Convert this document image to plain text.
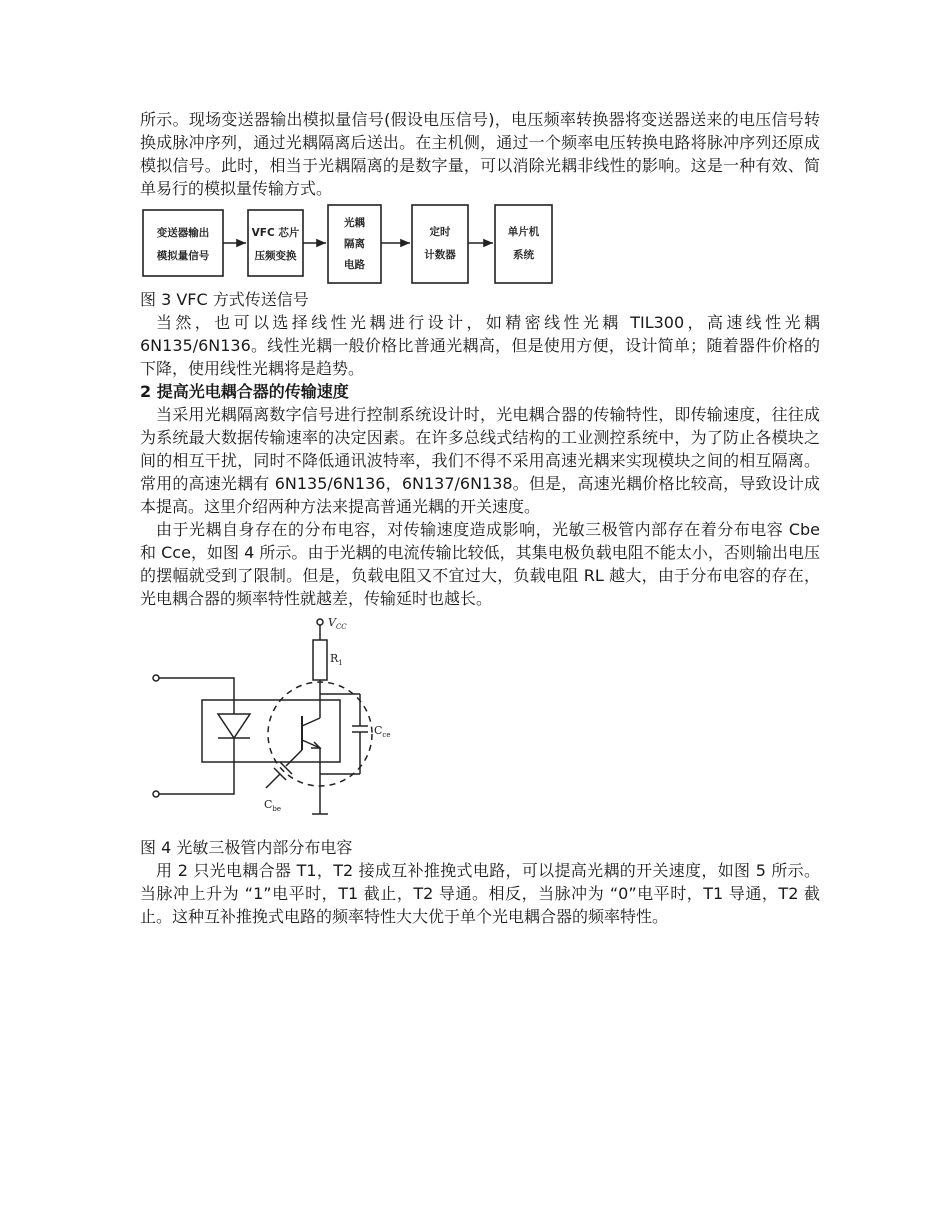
所示。现场变送器输出模拟量信号(假设电压信号)，电压频率转换器将变送器送来的电压信号转换成脉冲序列，通过光耦隔离后送出。在主机侧，通过一个频率电压转换电路将脉冲序列还原成模拟信号。此时，相当于光耦隔离的是数字量，可以消除光耦非线性的影响。这是一种有效、简单易行的模拟量传输方式。

变送器输出
模拟量信号
VFC 芯片
压频变换
光耦
隔离
电路
定时
计数器
单片机
系统
图 3 VFC 方式传送信号

当然，也可以选择线性光耦进行设计，如精密线性光耦 TIL300，高速线性光耦 6N135/6N136。线性光耦一般价格比普通光耦高，但是使用方便，设计简单；随着器件价格的下降，使用线性光耦将是趋势。

2 提高光电耦合器的传输速度

当采用光耦隔离数字信号进行控制系统设计时，光电耦合器的传输特性，即传输速度，往往成为系统最大数据传输速率的决定因素。在许多总线式结构的工业测控系统中，为了防止各模块之间的相互干扰，同时不降低通讯波特率，我们不得不采用高速光耦来实现模块之间的相互隔离。常用的高速光耦有 6N135/6N136，6N137/6N138。但是，高速光耦价格比较高，导致设计成本提高。这里介绍两种方法来提高普通光耦的开关速度。

由于光耦自身存在的分布电容，对传输速度造成影响，光敏三极管内部存在着分布电容 Cbe 和 Cce，如图 4 所示。由于光耦的电流传输比较低，其集电极负载电阻不能太小，否则输出电压的摆幅就受到了限制。但是，负载电阻又不宜过大，负载电阻 RL 越大，由于分布电容的存在，光电耦合器的频率特性就越差，传输延时也越长。

$V_{CC}$
$R_1$
$C_{ce}$
$C_{be}$
图 4 光敏三极管内部分布电容

用 2 只光电耦合器 T1，T2 接成互补推挽式电路，可以提高光耦的开关速度，如图 5 所示。当脉冲上升为 “1”电平时，T1 截止，T2 导通。相反，当脉冲为 “0”电平时，T1 导通，T2 截止。这种互补推挽式电路的频率特性大大优于单个光电耦合器的频率特性。
